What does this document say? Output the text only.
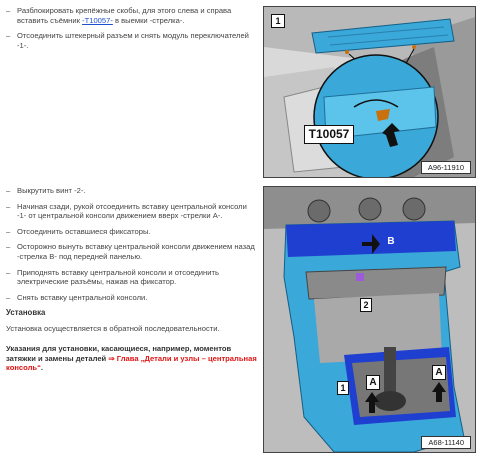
– Разблокировать крепёжные скобы, для этого слева и справа вставить съёмник -T10057- в выемки -стрелка-.
– Отсоединить штекерный разъем и снять модуль переключателей -1-.
– Выкрутить винт -2-.
– Начиная сзади, рукой отсоединить вставку центральной консоли -1- от центральной консоли движением вверх -стрелки А-.
– Отсоединить оставшиеся фиксаторы.
– Осторожно вынуть вставку центральной консоли движением назад -стрелка В- под передней панелью.
– Приподнять вставку центральной консоли и отсоединить электрические разъёмы, нажав на фиксатор.
– Снять вставку центральной консоли.
Установка
Установка осуществляется в обратной последовательности.
Указания для установки, касающиеся, например, моментов затяжки и замены деталей ⇒ Глава „Детали и узлы – центральная консоль“.
1
T10057
A96-11910
B
2
1	A
A
A68-11140
